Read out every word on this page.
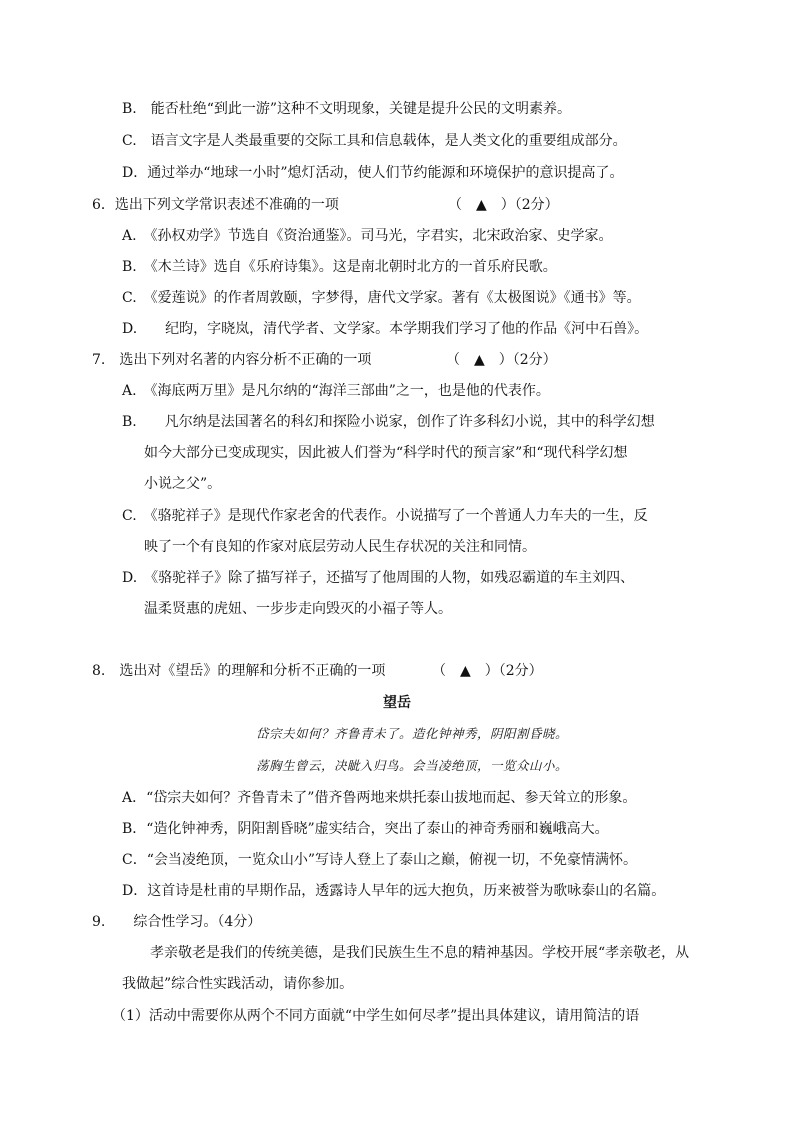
B.　能否杜绝“到此一游”这种不文明现象，关键是提升公民的文明素养。
C.　语言文字是人类最重要的交际工具和信息载体，是人类文化的重要组成部分。
D．通过举办“地球一小时”熄灯活动，使人们节约能源和环境保护的意识提高了。
6．选出下列文学常识表述不准确的一项	（　▲　）（2分）
A.　《孙权劝学》节选自《资治通鉴》。司马光，字君实，北宋政治家、史学家。
B.　《木兰诗》选自《乐府诗集》。这是南北朝时北方的一首乐府民歌。
C.　《爱莲说》的作者周敦颐，字梦得，唐代文学家。著有《太极图说》《通书》等。
D.　　纪昀，字晓岚，清代学者、文学家。本学期我们学习了他的作品《河中石兽》。
7.　选出下列对名著的内容分析不正确的一项	（　▲　）（2分）
A.　《海底两万里》是凡尔纳的“海洋三部曲”之一，也是他的代表作。
B.　　凡尔纳是法国著名的科幻和探险小说家，创作了许多科幻小说，其中的科学幻想
如今大部分已变成现实，因此被人们誉为“科学时代的预言家”和“现代科学幻想
小说之父”。
C.　《骆驼祥子》是现代作家老舍的代表作。小说描写了一个普通人力车夫的一生，反
映了一个有良知的作家对底层劳动人民生存状况的关注和同情。
D.　《骆驼祥子》除了描写祥子，还描写了他周围的人物，如残忍霸道的车主刘四、
温柔贤惠的虎妞、一步步走向毁灭的小福子等人。
8.　选出对《望岳》的理解和分析不正确的一项	（　▲　）（2分）
望岳
岱宗夫如何？齐鲁青未了。造化钟神秀，阴阳割昏晓。
荡胸生曾云，决眦入归鸟。会当凌绝顶，一览众山小。
A．“岱宗夫如何？齐鲁青未了”借齐鲁两地来烘托泰山拔地而起、参天耸立的形象。
B．“造化钟神秀，阴阳割昏晓”虚实结合，突出了泰山的神奇秀丽和巍峨高大。
C．“会当凌绝顶，一览众山小”写诗人登上了泰山之巅，俯视一切，不免豪情满怀。
D．这首诗是杜甫的早期作品，透露诗人早年的远大抱负，历来被誉为歌咏泰山的名篇。
9.　　综合性学习。（4分）
孝亲敬老是我们的传统美德，是我们民族生生不息的精神基因。学校开展“孝亲敬老，从
我做起”综合性实践活动，请你参加。
（1）活动中需要你从两个不同方面就“中学生如何尽孝”提出具体建议，请用简洁的语
